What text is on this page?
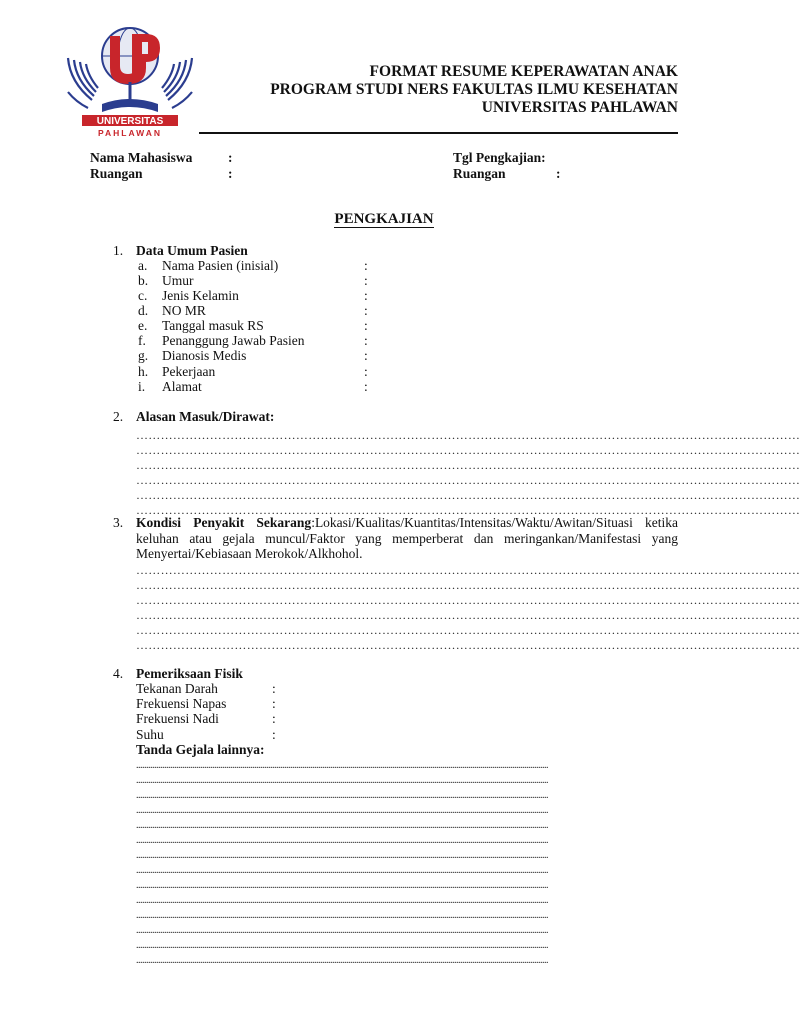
UNIVERSITAS
PAHLAWAN
FORMAT RESUME KEPERAWATAN ANAK
PROGRAM STUDI NERS FAKULTAS ILMU KESEHATAN
UNIVERSITAS PAHLAWAN
Nama Mahasiswa	:
Ruangan	:
Tgl Pengkajian:
Ruangan	:
PENGKAJIAN
1. Data Umum Pasien
a. Nama Pasien (inisial)	:
b. Umur	:
c. Jenis Kelamin	:
d. NO MR	:
e. Tanggal masuk RS	:
f. Penanggung Jawab Pasien	:
g. Dianosis Medis	:
h. Pekerjaan	:
i. Alamat	:
2. Alasan Masuk/Dirawat:
………………………………………………………………………………………………………………………………………………
………………………………………………………………………………………………………………………………………………
………………………………………………………………………………………………………………………………………………
………………………………………………………………………………………………………………………………………………
………………………………………………………………………………………………………………………………………………
………………………………………………………………………………………………………………………………………………
3. Kondisi Penyakit Sekarang:Lokasi/Kualitas/Kuantitas/Intensitas/Waktu/Awitan/Situasi ketika keluhan atau gejala muncul/Faktor yang memperberat dan meringankan/Manifestasi yang Menyertai/Kebiasaan Merokok/Alkhohol.
………………………………………………………………………………………………………………………………………………
………………………………………………………………………………………………………………………………………………
………………………………………………………………………………………………………………………………………………
………………………………………………………………………………………………………………………………………………
………………………………………………………………………………………………………………………………………………
………………………………………………………………………………………………………………………………………………
4. Pemeriksaan Fisik
Tekanan Darah	:
Frekuensi Napas	:
Frekuensi Nadi	:
Suhu	:
Tanda Gejala lainnya:
..............................................................................................................................................................................................................
..............................................................................................................................................................................................................
..............................................................................................................................................................................................................
..............................................................................................................................................................................................................
..............................................................................................................................................................................................................
..............................................................................................................................................................................................................
..............................................................................................................................................................................................................
..............................................................................................................................................................................................................
..............................................................................................................................................................................................................
..............................................................................................................................................................................................................
..............................................................................................................................................................................................................
..............................................................................................................................................................................................................
..............................................................................................................................................................................................................
..............................................................................................................................................................................................................
